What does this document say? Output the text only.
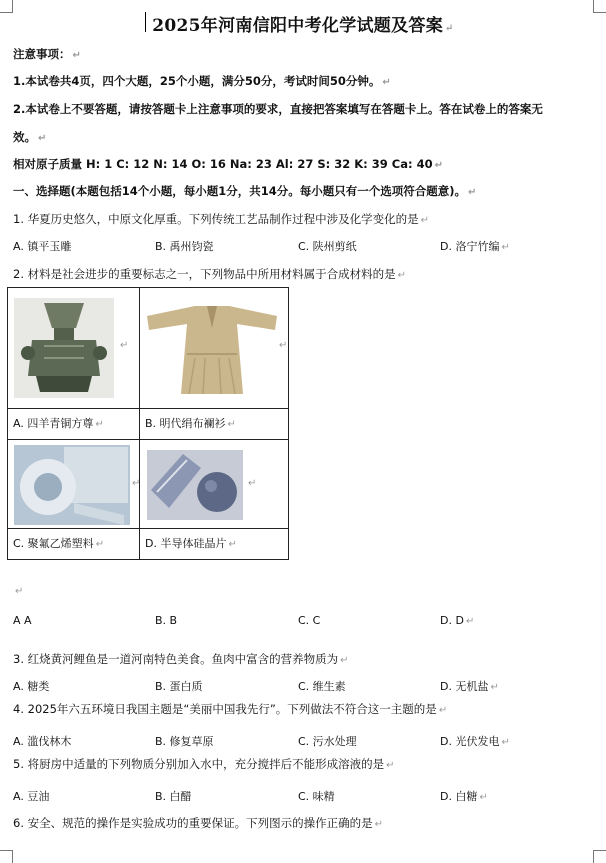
2025年河南信阳中考化学试题及答案 ↵
注意事项： ↵
1.本试卷共4页，四个大题，25个小题，满分50分，考试时间50分钟。 ↵
2.本试卷上不要答题，请按答题卡上注意事项的要求，直接把答案填写在答题卡上。答在试卷上的答案无
效。 ↵
相对原子质量 H: 1 C: 12 N: 14 O: 16 Na: 23 Al: 27 S: 32 K: 39 Ca: 40 ↵
一、选择题(本题包括14个小题，每小题1分，共14分。每小题只有一个选项符合题意)。 ↵
1. 华夏历史悠久，中原文化厚重。下列传统工艺品制作过程中涉及化学变化的是 ↵
A. 镇平玉雕	B. 禹州钧瓷	C. 陕州剪纸	D. 洛宁竹编 ↵
2. 材料是社会进步的重要标志之一，下列物品中所用材料属于合成材料的是 ↵
↵	↵

A. 四羊青铜方尊 ↵	B. 明代绢布襕衫 ↵

↵	↵

C. 聚氟乙烯塑料 ↵	D. 半导体硅晶片 ↵
↵
A A	B. B	C. C	D. D ↵
3. 红烧黄河鲤鱼是一道河南特色美食。鱼肉中富含的营养物质为 ↵
A. 糖类	B. 蛋白质	C. 维生素	D. 无机盐 ↵
4. 2025年六五环境日我国主题是“美丽中国我先行”。下列做法不符合这一主题的是 ↵
A. 滥伐林木	B. 修复草原	C. 污水处理	D. 光伏发电 ↵
5. 将厨房中适量的下列物质分别加入水中，充分搅拌后不能形成溶液的是 ↵
A. 豆油	B. 白醋	C. 味精	D. 白糖 ↵
6. 安全、规范的操作是实验成功的重要保证。下列图示的操作正确的是 ↵
